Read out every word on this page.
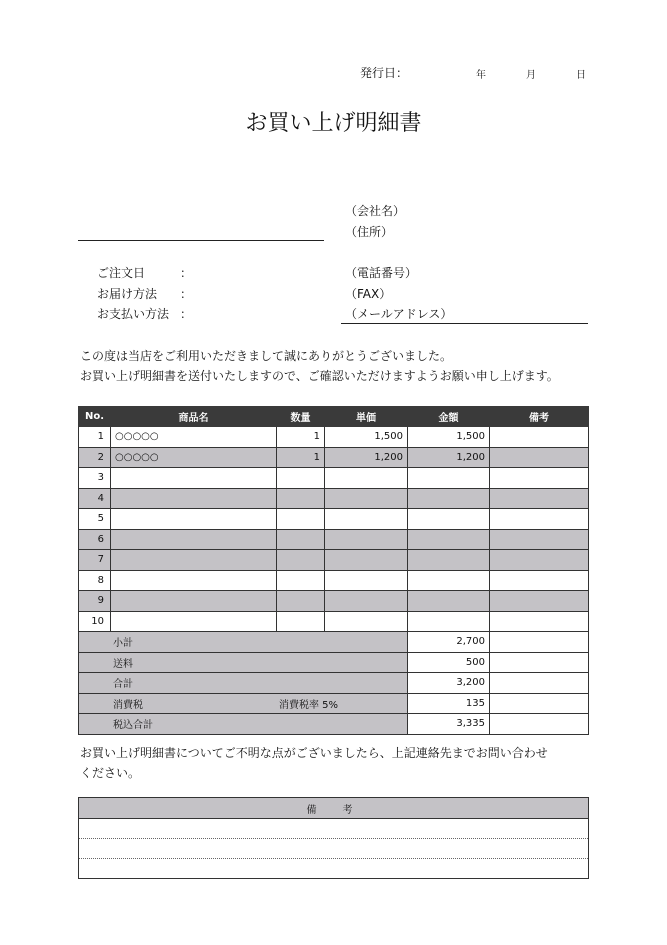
発行日：	年	月	日
お買い上げ明細書
（会社名）
（住所）
（電話番号）
（FAX）
（メールアドレス）
ご注文日	：
お届け方法 ：
お支払い方法 ：
この度は当店をご利用いただきまして誠にありがとうございました。
お買い上げ明細書を送付いたしますので、ご確認いただけますようお願い申し上げます。
No.	商品名	数量	単価	金額	備考
1	○○○○○	1	1,500	1,500	
2	○○○○○	1	1,200	1,200	
3					
4					
5					
6					
7					
8					
9					
10					
小計				2,700	
送料				500	
合計				3,200	
消費税 消費税率 5%				135	
税込合計				3,335	
お買い上げ明細書についてご不明な点がございましたら、上記連絡先までお問い合わせ
ください。
備　考
